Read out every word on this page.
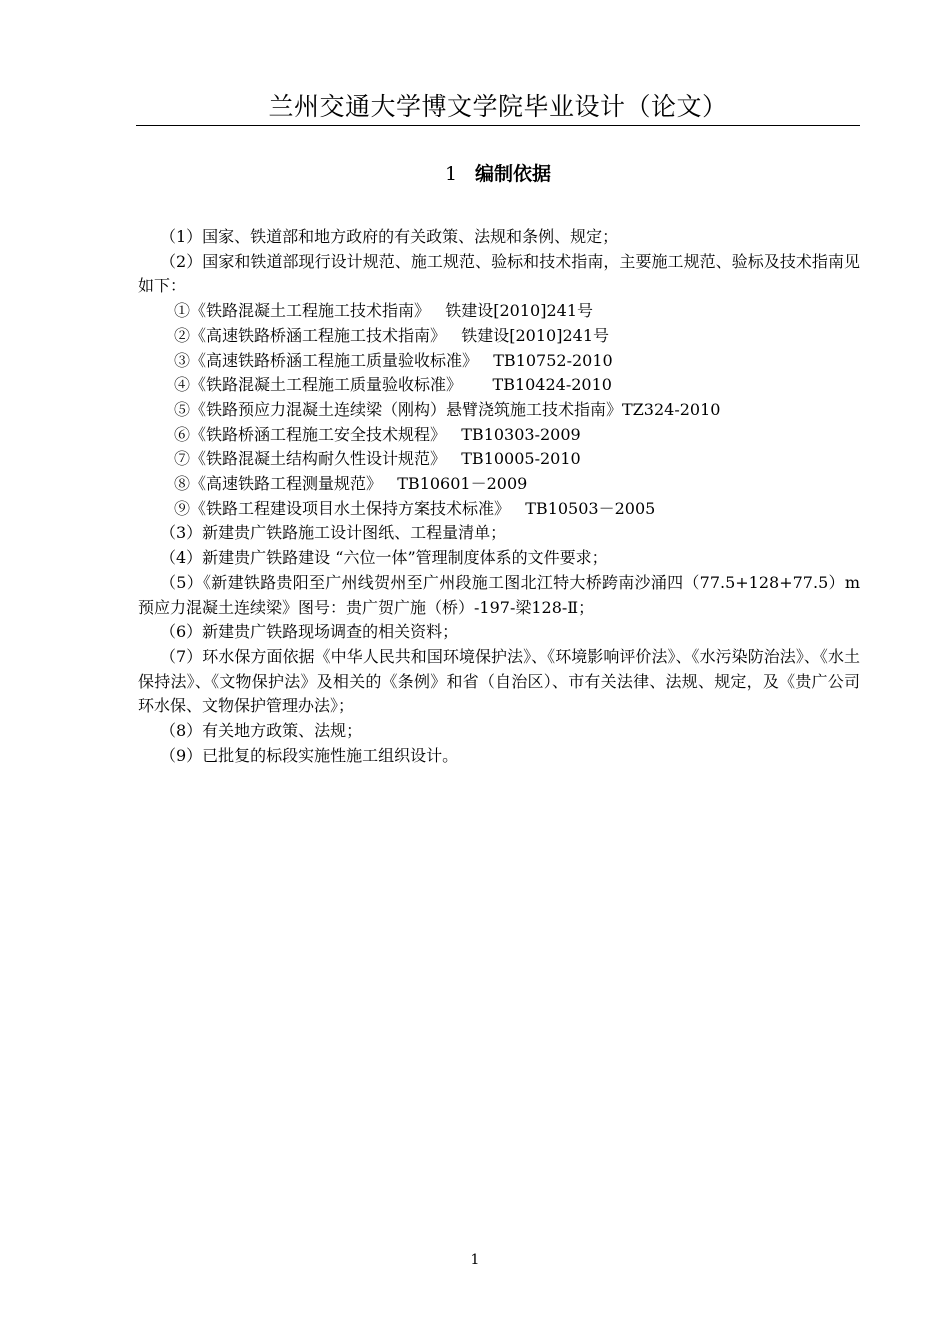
兰州交通大学博文学院毕业设计（论文）
1 编制依据

（1）国家、铁道部和地方政府的有关政策、法规和条例、规定；

（2）国家和铁道部现行设计规范、施工规范、验标和技术指南，主要施工规范、验标及技术指南见如下：

①《铁路混凝土工程施工技术指南》   铁建设[2010]241号

②《高速铁路桥涵工程施工技术指南》   铁建设[2010]241号

③《高速铁路桥涵工程施工质量验收标准》   TB10752-2010

④《铁路混凝土工程施工质量验收标准》      TB10424-2010

⑤《铁路预应力混凝土连续梁（刚构）悬臂浇筑施工技术指南》TZ324-2010

⑥《铁路桥涵工程施工安全技术规程》   TB10303-2009

⑦《铁路混凝土结构耐久性设计规范》   TB10005-2010

⑧《高速铁路工程测量规范》   TB10601－2009

⑨《铁路工程建设项目水土保持方案技术标准》   TB10503－2005

（3）新建贵广铁路施工设计图纸、工程量清单；

（4）新建贵广铁路建设 “六位一体”管理制度体系的文件要求；

（5）《新建铁路贵阳至广州线贺州至广州段施工图北江特大桥跨南沙涌四（77.5+128+77.5）m预应力混凝土连续梁》图号：贵广贺广施（桥）-197-梁128-Ⅱ；

（6）新建贵广铁路现场调查的相关资料；

（7）环水保方面依据《中华人民共和国环境保护法》、《环境影响评价法》、《水污染防治法》、《水土保持法》、《文物保护法》及相关的《条例》和省（自治区）、市有关法律、法规、规定，及《贵广公司环水保、文物保护管理办法》；

（8）有关地方政策、法规；

（9）已批复的标段实施性施工组织设计。

1
